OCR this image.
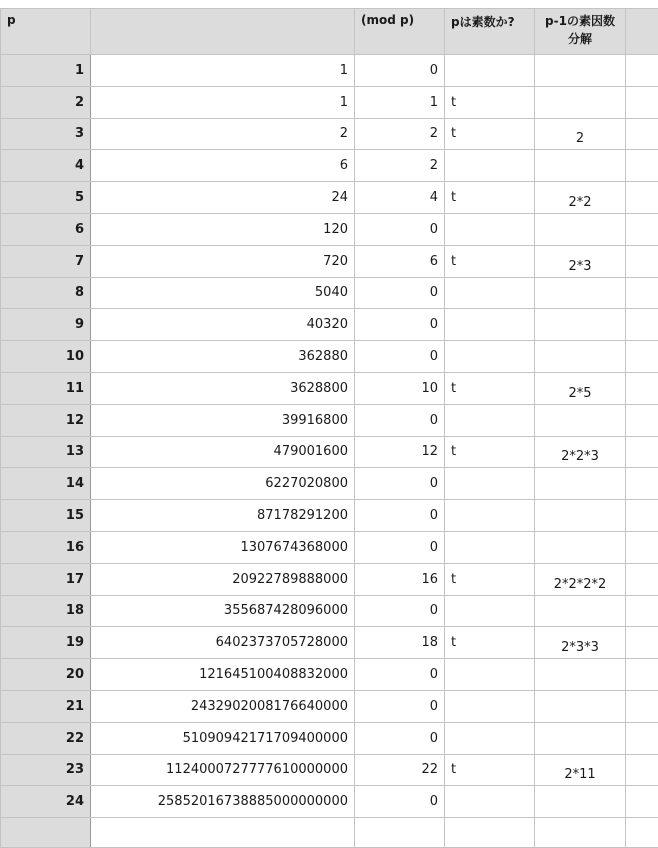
p		(mod p)	pは素数か?	p-1の素因数分解	
1	1	0			
2	1	1	t		
3	2	2	t	2	
4	6	2			
5	24	4	t	2*2	
6	120	0			
7	720	6	t	2*3	
8	5040	0			
9	40320	0			
10	362880	0			
11	3628800	10	t	2*5	
12	39916800	0			
13	479001600	12	t	2*2*3	
14	6227020800	0			
15	87178291200	0			
16	1307674368000	0			
17	20922789888000	16	t	2*2*2*2	
18	355687428096000	0			
19	6402373705728000	18	t	2*3*3	
20	121645100408832000	0			
21	2432902008176640000	0			
22	51090942171709400000	0			
23	1124000727777610000000	22	t	2*11	
24	25852016738885000000000	0			
